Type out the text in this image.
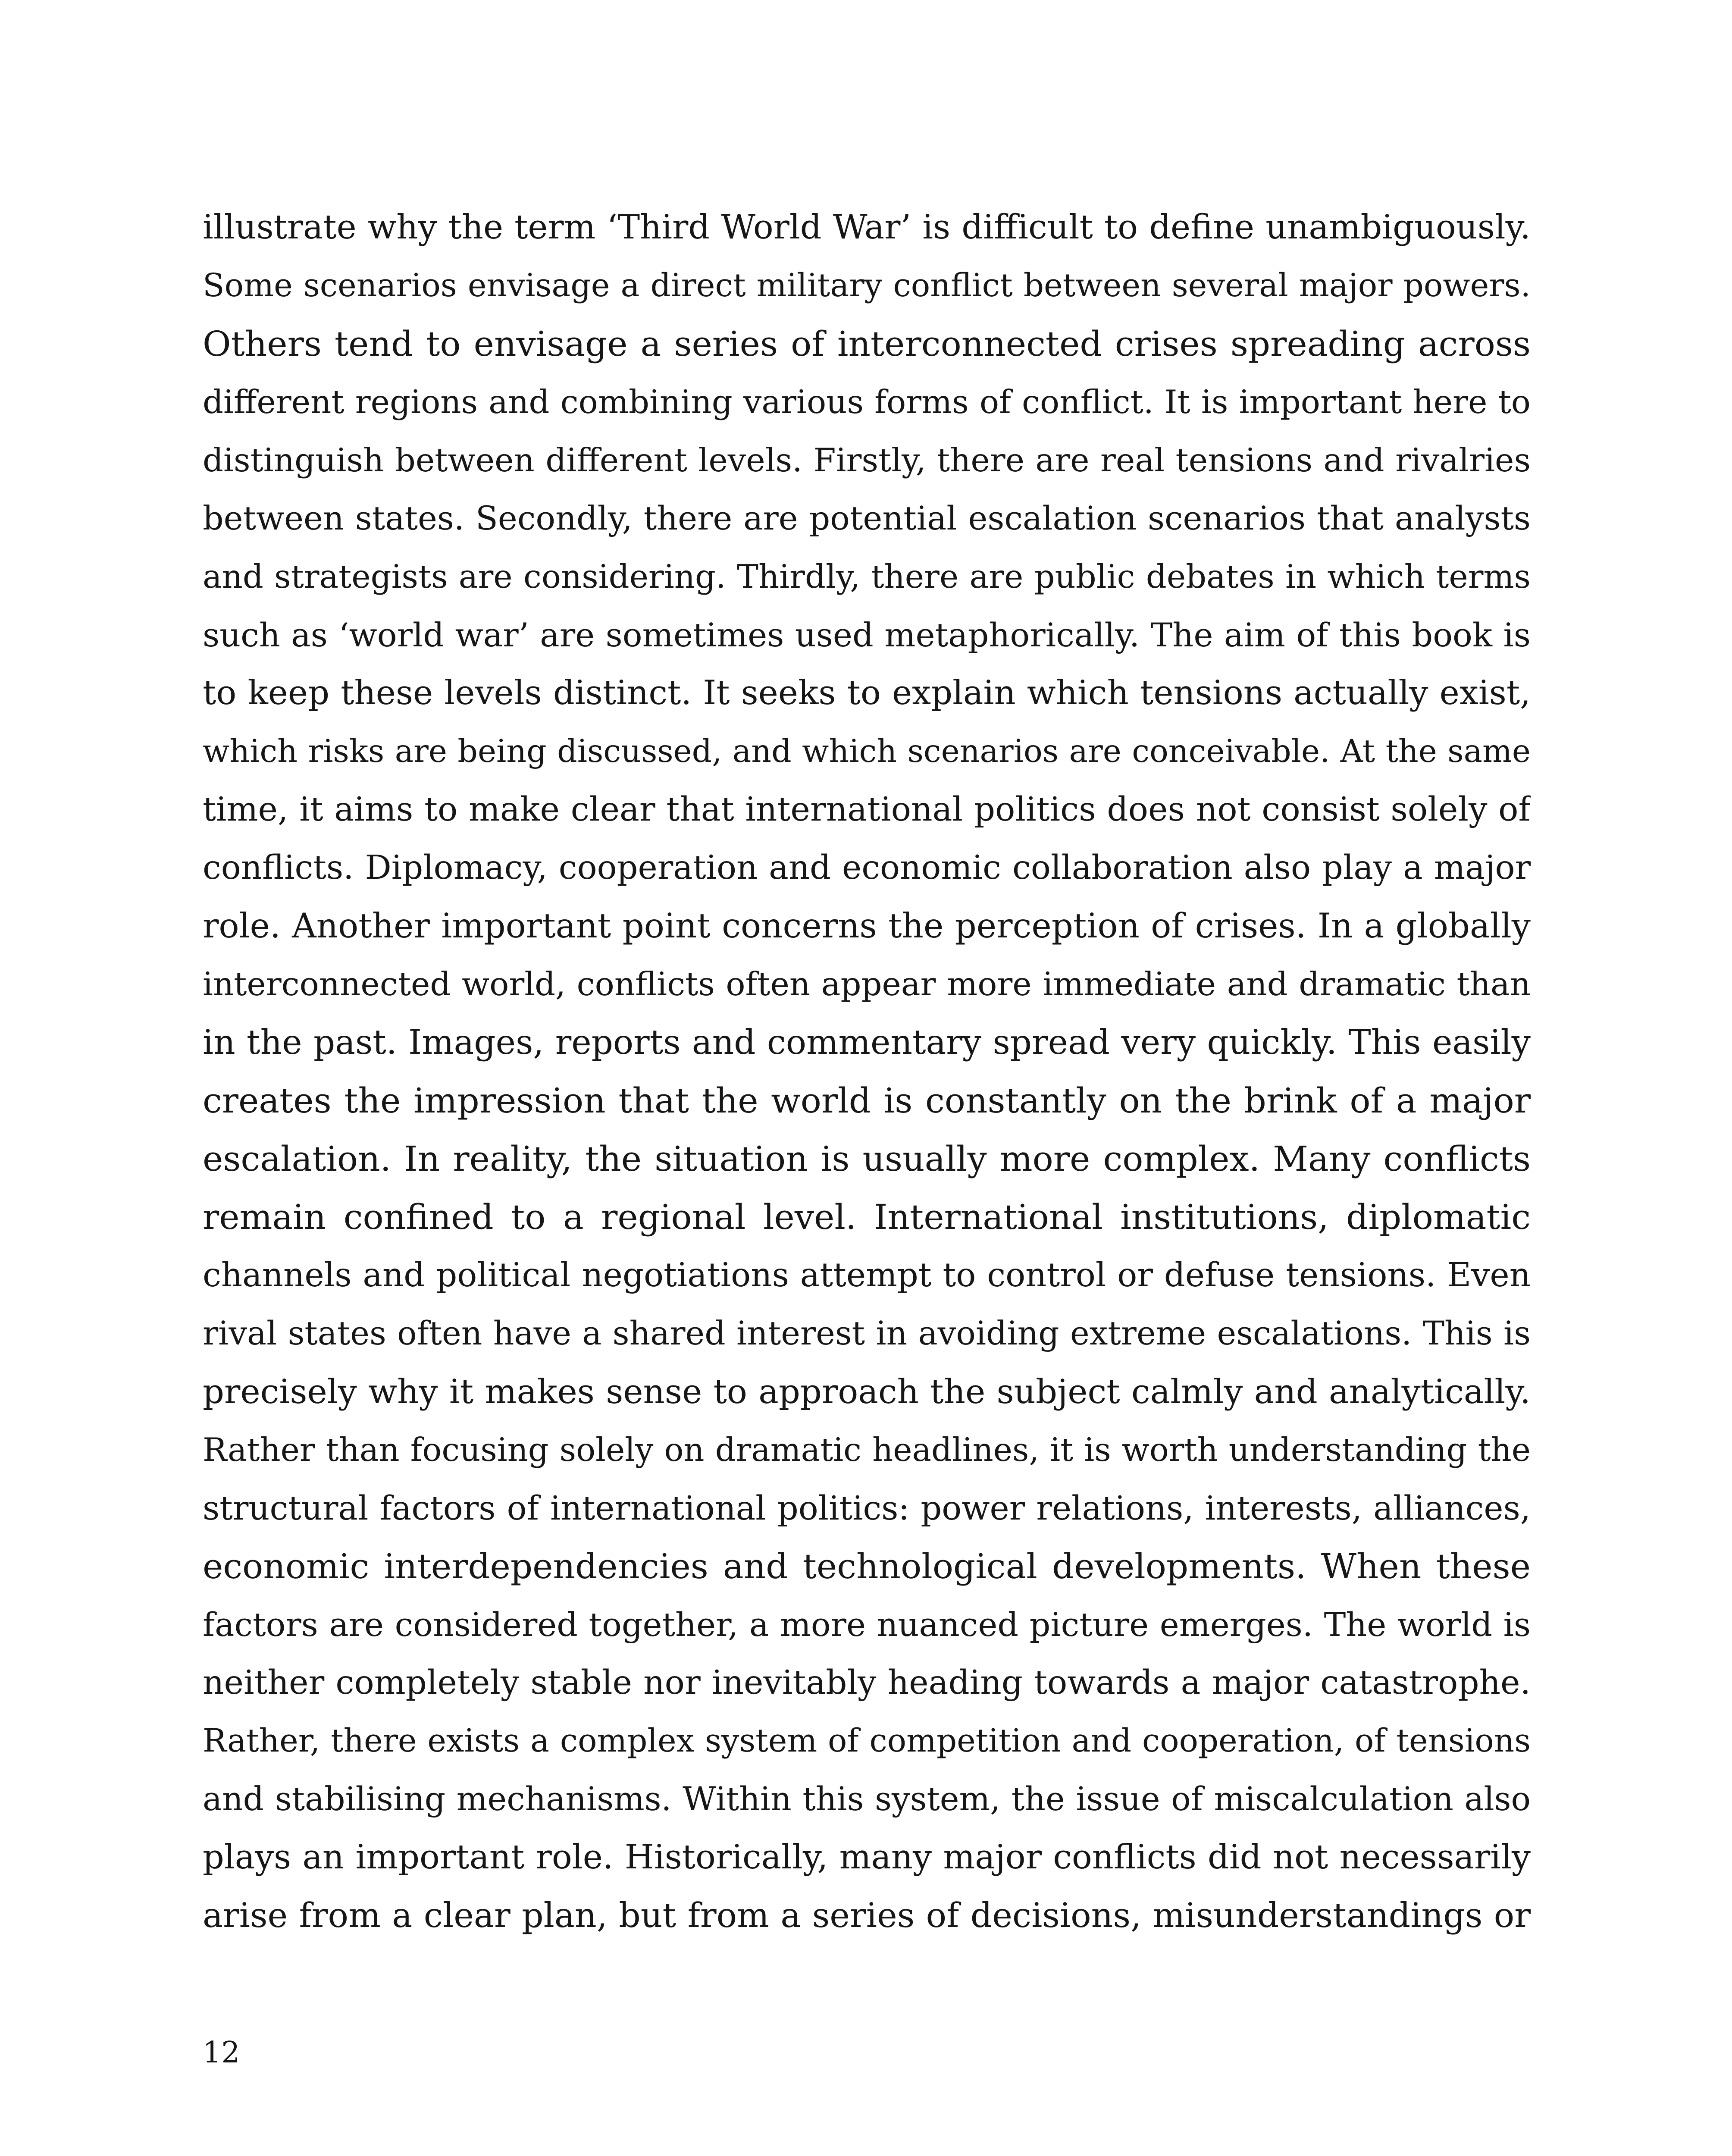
illustrate why the term ‘Third World War’ is difficult to define unambiguously.
Some scenarios envisage a direct military conflict between several major powers.
Others tend to envisage a series of interconnected crises spreading across
different regions and combining various forms of conflict. It is important here to
distinguish between different levels. Firstly, there are real tensions and rivalries
between states. Secondly, there are potential escalation scenarios that analysts
and strategists are considering. Thirdly, there are public debates in which terms
such as ‘world war’ are sometimes used metaphorically. The aim of this book is
to keep these levels distinct. It seeks to explain which tensions actually exist,
which risks are being discussed, and which scenarios are conceivable. At the same
time, it aims to make clear that international politics does not consist solely of
conflicts. Diplomacy, cooperation and economic collaboration also play a major
role. Another important point concerns the perception of crises. In a globally
interconnected world, conflicts often appear more immediate and dramatic than
in the past. Images, reports and commentary spread very quickly. This easily
creates the impression that the world is constantly on the brink of a major
escalation. In reality, the situation is usually more complex. Many conflicts
remain confined to a regional level. International institutions, diplomatic
channels and political negotiations attempt to control or defuse tensions. Even
rival states often have a shared interest in avoiding extreme escalations. This is
precisely why it makes sense to approach the subject calmly and analytically.
Rather than focusing solely on dramatic headlines, it is worth understanding the
structural factors of international politics: power relations, interests, alliances,
economic interdependencies and technological developments. When these
factors are considered together, a more nuanced picture emerges. The world is
neither completely stable nor inevitably heading towards a major catastrophe.
Rather, there exists a complex system of competition and cooperation, of tensions
and stabilising mechanisms. Within this system, the issue of miscalculation also
plays an important role. Historically, many major conflicts did not necessarily
arise from a clear plan, but from a series of decisions, misunderstandings or
12
